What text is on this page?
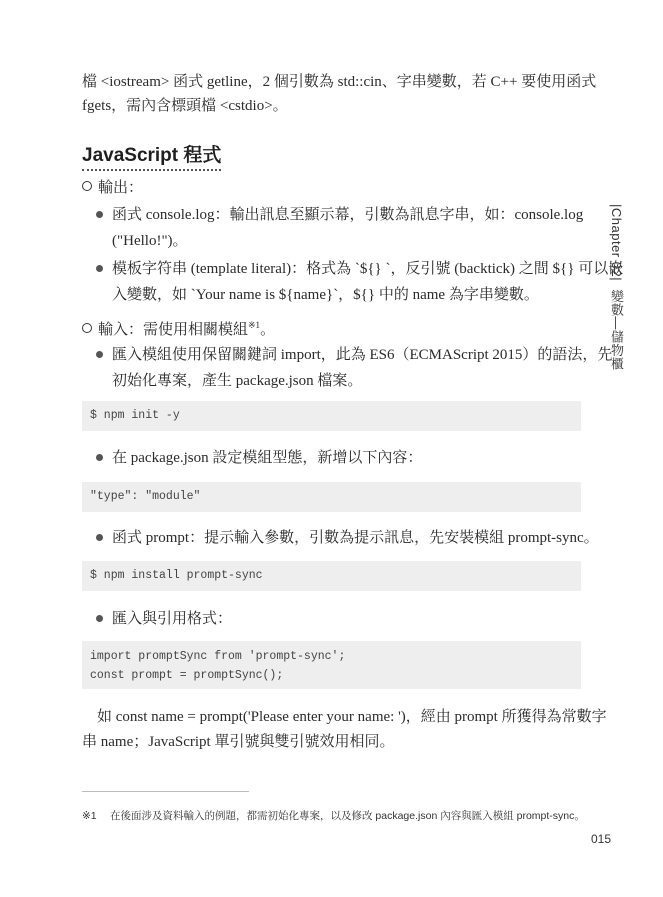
檔 <iostream> 函式 getline，2 個引數為 std::cin、字串變數，若 C++ 要使用函式
fgets，需內含標頭檔 <cstdio>。
JavaScript 程式
輸出：
函式 console.log：輸出訊息至顯示幕，引數為訊息字串，如：console.log
("Hello!")。
模板字符串 (template literal)：格式為 `${} `，反引號 (backtick) 之間 ${} 可以嵌
入變數，如 `Your name is ${name}`，${} 中的 name 為字串變數。
輸入：需使用相關模組$^{※1}$。
匯入模組使用保留關鍵詞 import，此為 ES6（ECMAScript 2015）的語法，先
初始化專案，產生 package.json 檔案。
$ npm init -y
在 package.json 設定模組型態，新增以下內容：
"type": "module"
函式 prompt：提示輸入參數，引數為提示訊息，先安裝模組 prompt-sync。
$ npm install prompt-sync
匯入與引用格式：
import promptSync from 'prompt-sync';
const prompt = promptSync();
如 const name = prompt('Please enter your name: ')，經由 prompt 所獲得為常數字
串 name；JavaScript 單引號與雙引號效用相同。
※1 在後面涉及資料輸入的例題，都需初始化專案，以及修改 package.json 內容與匯入模組 prompt-sync。
|Chapter 02|  變數—儲物櫃
015
